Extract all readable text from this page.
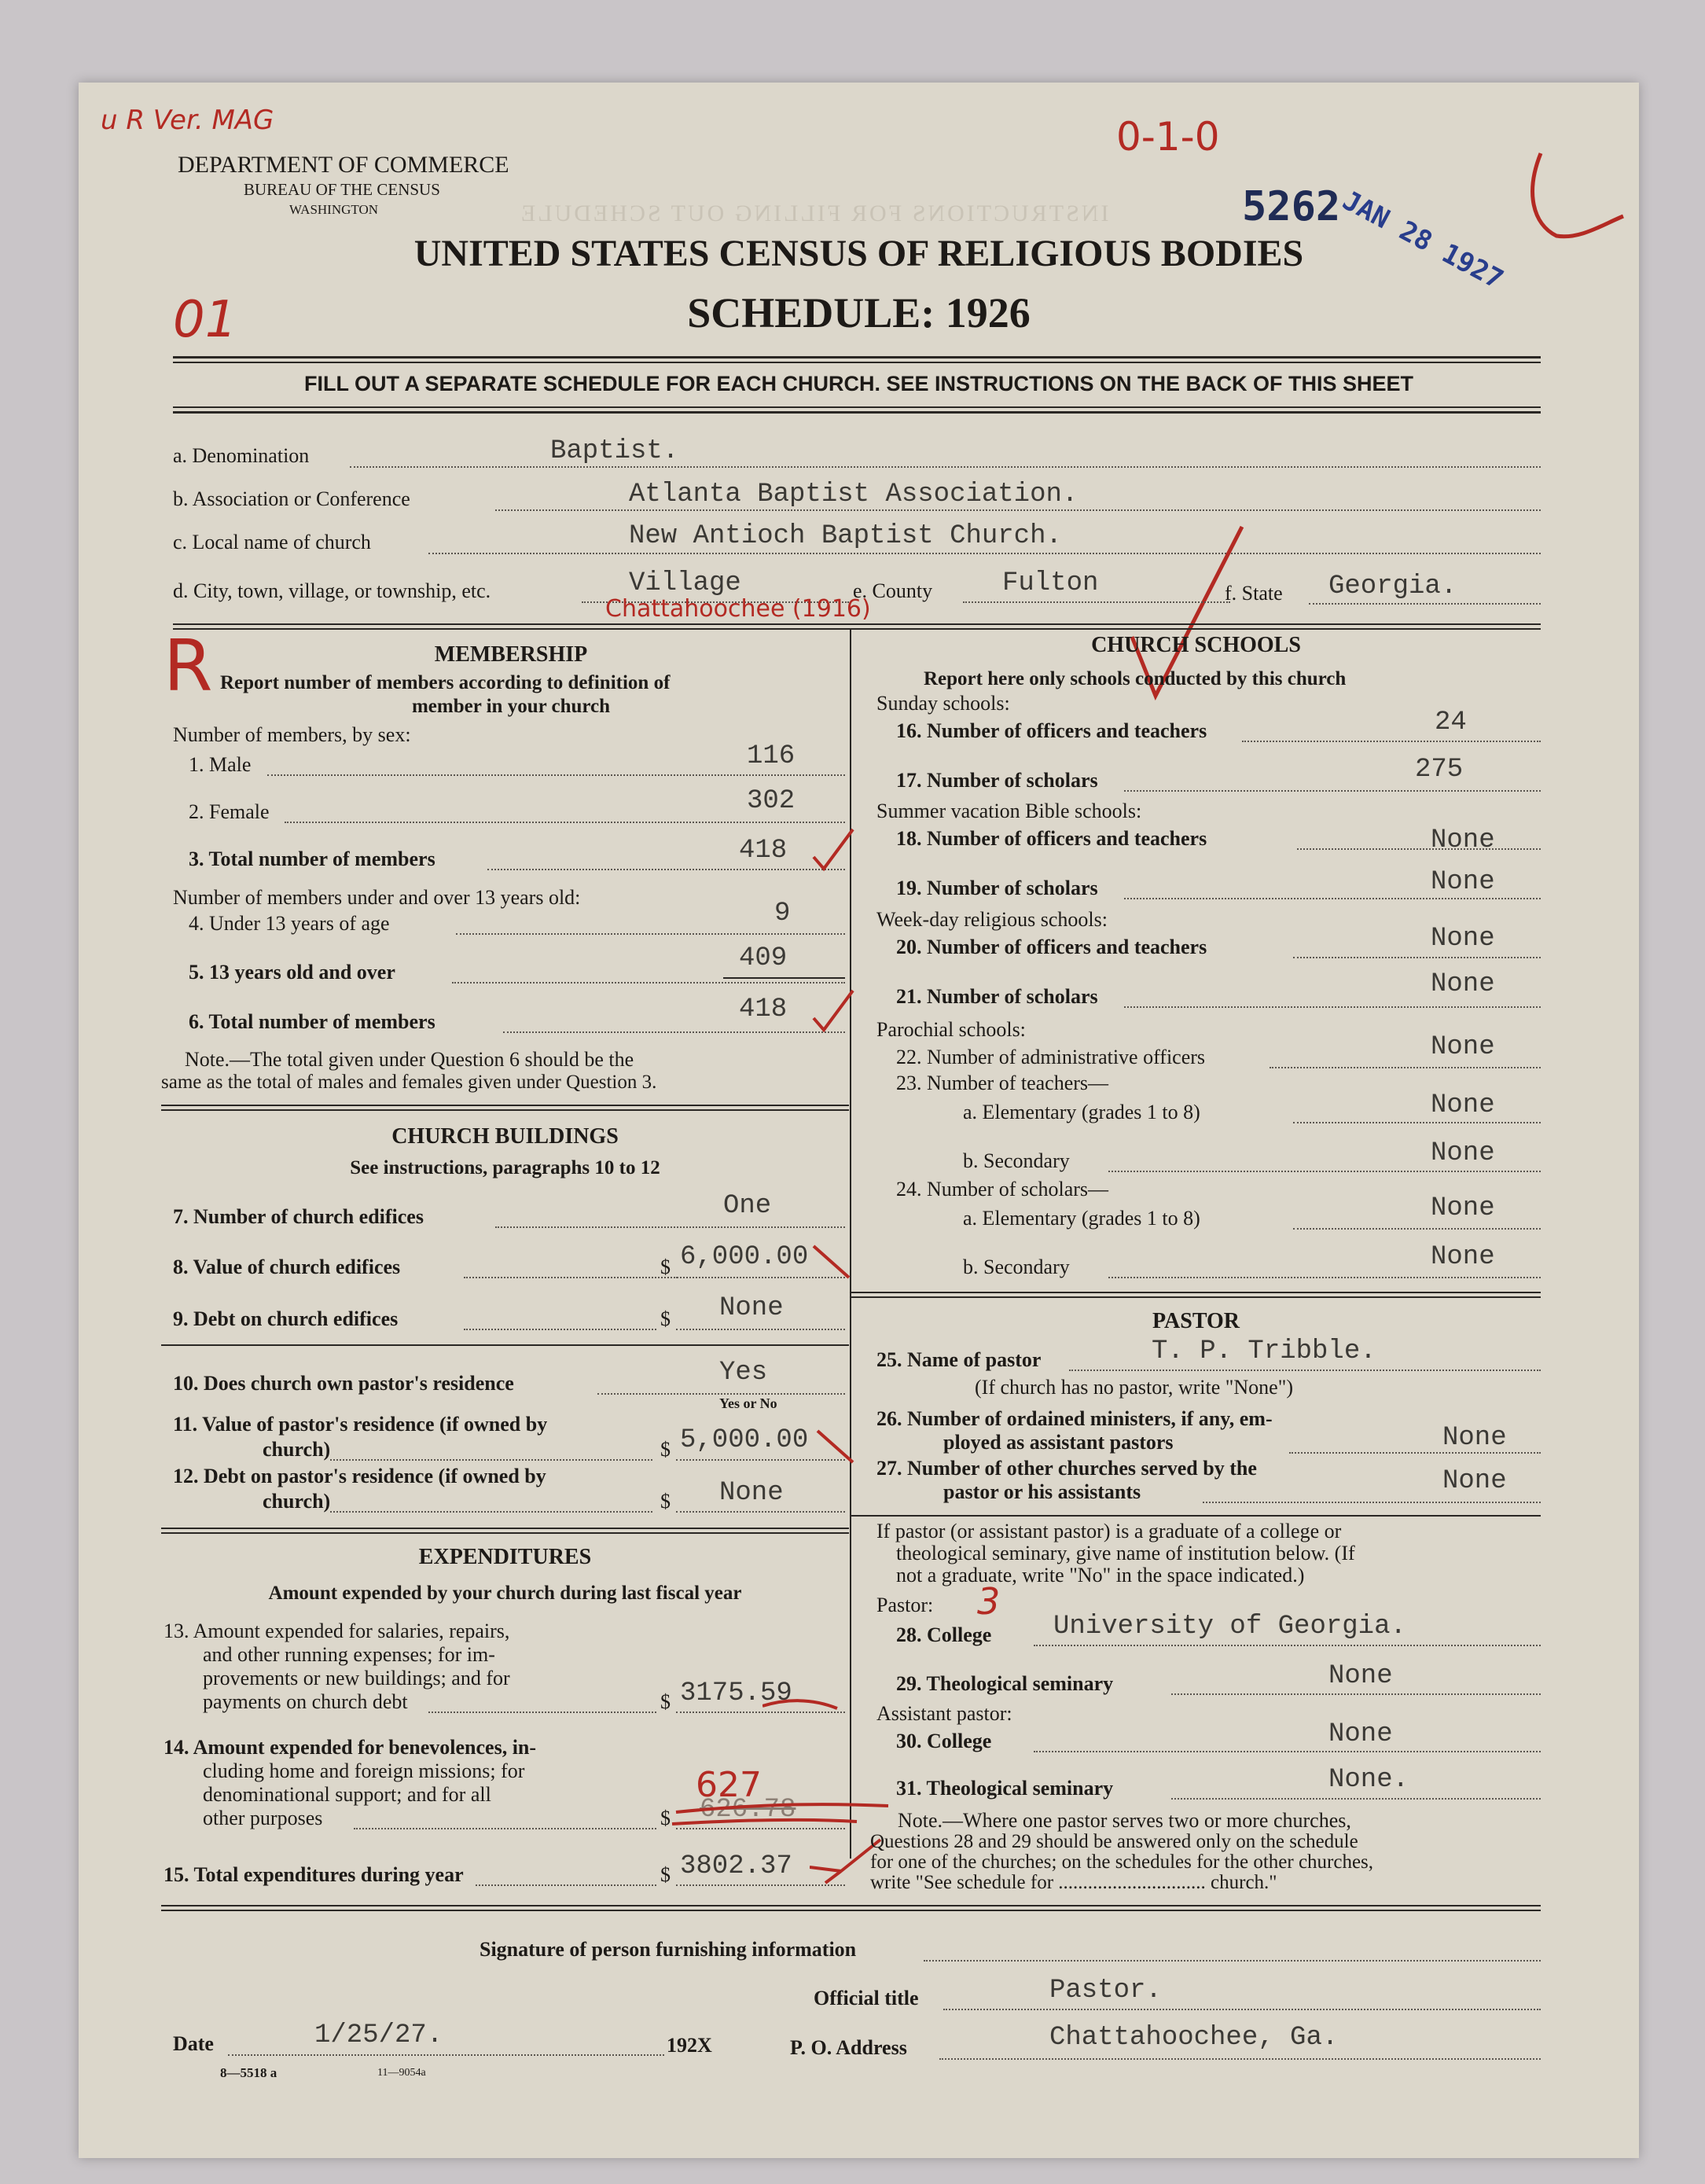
u R Ver. MAG	0-1-0
01
5262
JAN 28 1927
DEPARTMENT OF COMMERCE
BUREAU OF THE CENSUS
WASHINGTON	INSTRUCTIONS FOR FILLING OUT SCHEDULE
UNITED STATES CENSUS OF RELIGIOUS BODIES
SCHEDULE: 1926
FILL OUT A SEPARATE SCHEDULE FOR EACH CHURCH. SEE INSTRUCTIONS ON THE BACK OF THIS SHEET
a. Denomination	Baptist.
b. Association or Conference	Atlanta Baptist Association.
c. Local name of church	New Antioch Baptist Church.
d. City, town, village, or township, etc.	Village
Chattahoochee (1916)
e. County	Fulton	f. State Georgia.
R	MEMBERSHIP
Report number of members according to definition of
member in your church
Number of members, by sex:
1. Male	116
2. Female	302
3. Total number of members	418
Number of members under and over 13 years old:
4. Under 13 years of age	9
5. 13 years old and over	409
6. Total number of members	418
Note.—The total given under Question 6 should be the
same as the total of males and females given under Question 3.
CHURCH BUILDINGS
See instructions, paragraphs 10 to 12
7. Number of church edifices	One
8. Value of church edifices	$ 6,000.00
9. Debt on church edifices	$ None
10. Does church own pastor's residence	Yes
Yes or No
11. Value of pastor's residence (if owned by
church)	$ 5,000.00
12. Debt on pastor's residence (if owned by
church)	$ None
EXPENDITURES
Amount expended by your church during last fiscal year
13. Amount expended for salaries, repairs,
and other running expenses; for im-
provements or new buildings; and for
payments on church debt	$ 3175.59
14. Amount expended for benevolences, in-
cluding home and foreign missions; for
denominational support; and for all
other purposes
627
$ 626.78
15. Total expenditures during year	$ 3802.37
CHURCH SCHOOLS
Report here only schools conducted by this church
Sunday schools:
16. Number of officers and teachers	24
17. Number of scholars	275
Summer vacation Bible schools:
18. Number of officers and teachers	None
19. Number of scholars	None
Week-day religious schools:
20. Number of officers and teachers	None
21. Number of scholars	None
Parochial schools:
22. Number of administrative officers	None
23. Number of teachers—
a. Elementary (grades 1 to 8)	None
b. Secondary	None
24. Number of scholars—
a. Elementary (grades 1 to 8)	None
b. Secondary	None
PASTOR
25. Name of pastor	T. P. Tribble.
(If church has no pastor, write "None")
26. Number of ordained ministers, if any, em-
ployed as assistant pastors	None
27. Number of other churches served by the
pastor or his assistants	None
If pastor (or assistant pastor) is a graduate of a college or
theological seminary, give name of institution below. (If
not a graduate, write "No" in the space indicated.)
Pastor: 3
28. College University of Georgia.
29. Theological seminary	None
Assistant pastor:
30. College	None
31. Theological seminary	None.
Note.—Where one pastor serves two or more churches,
Questions 28 and 29 should be answered only on the schedule
for one of the churches; on the schedules for the other churches,
write "See schedule for .............................. church."
Signature of person furnishing information
Official title	Pastor.
Date	1/25/27.	192X	P. O. Address	Chattahoochee, Ga.
8—5518 a	11—9054a
